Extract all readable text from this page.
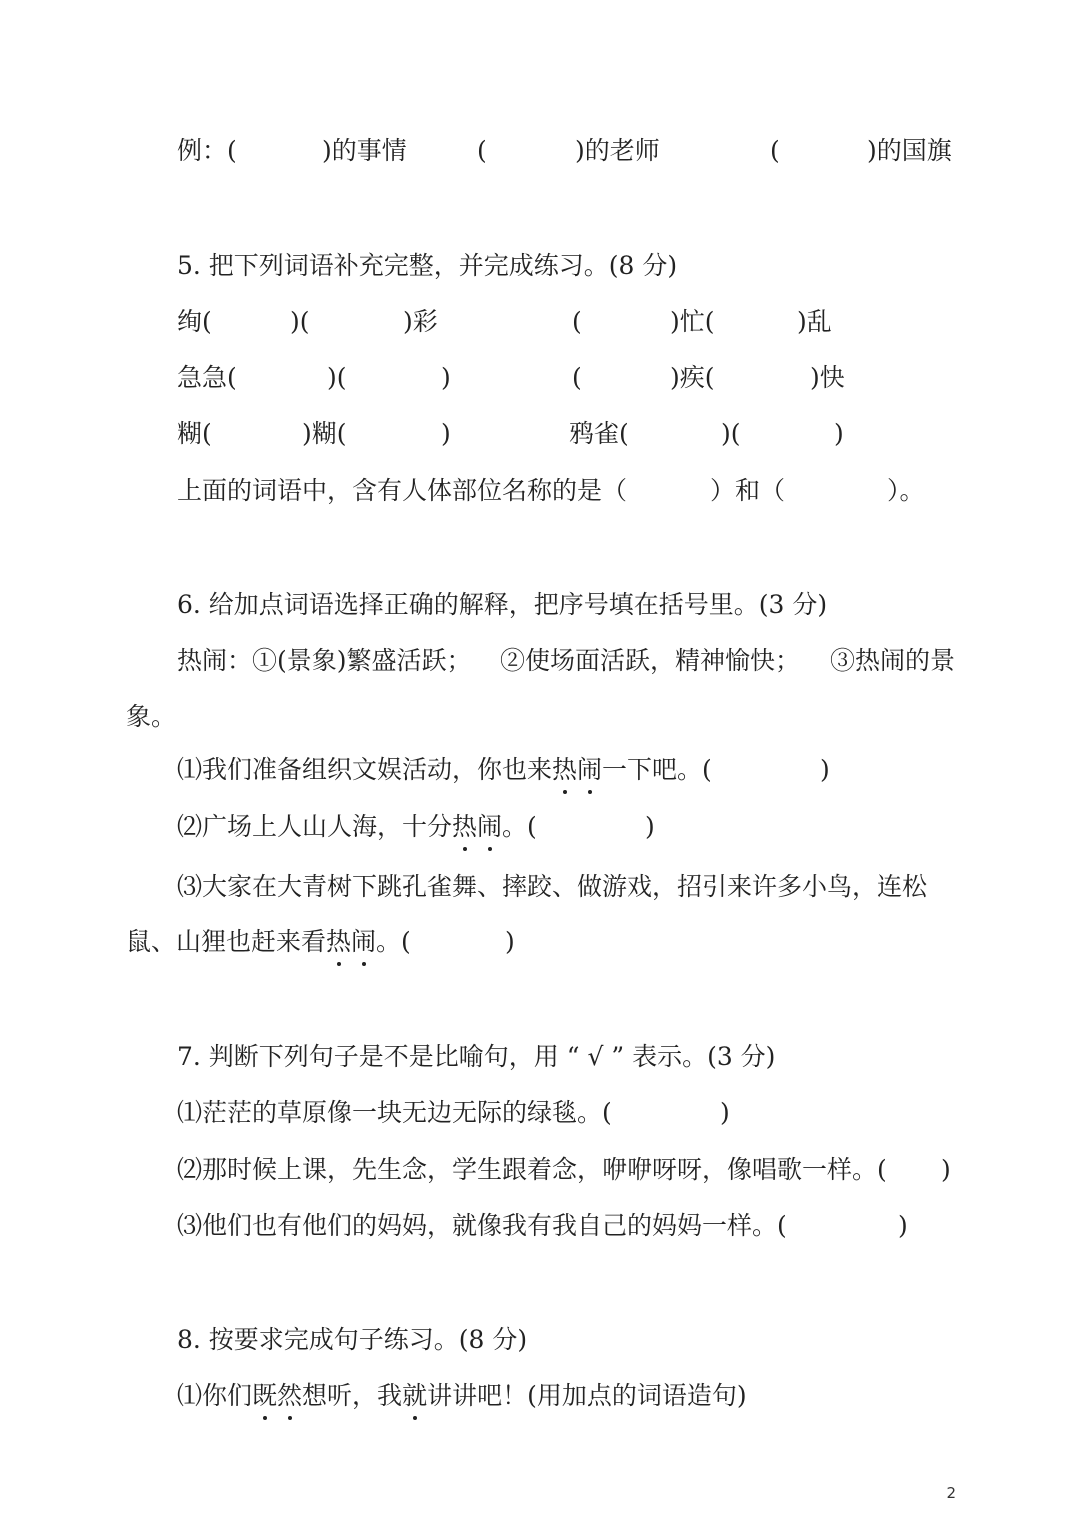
例：(	)的事情	(	)的老师	(	)的国旗
5. 把下列词语补充完整，并完成练习。(8 分)
绚(	)(	)彩	(	)忙(	)乱
急急(	)(	)	(	)疾(	)快
糊(	)糊(	)	鸦雀(	)(	)
上面的词语中，含有人体部位名称的是（	）和（	）。
6. 给加点词语选择正确的解释，把序号填在括号里。(3 分)
热闹：①(景象)繁盛活跃； ②使场面活跃，精神愉快； ③热闹的景
象。
⑴我们准备组织文娱活动，你也来热闹一下吧。(	)
⑵广场上人山人海，十分热闹。(	)
⑶大家在大青树下跳孔雀舞、摔跤、做游戏，招引来许多小鸟，连松
鼠、山狸也赶来看热闹。(	)
7. 判断下列句子是不是比喻句，用 “ √ ” 表示。(3 分)
⑴茫茫的草原像一块无边无际的绿毯。(	)
⑵那时候上课，先生念，学生跟着念，咿咿呀呀，像唱歌一样。( )
⑶他们也有他们的妈妈，就像我有我自己的妈妈一样。(	)
8. 按要求完成句子练习。(8 分)
⑴你们既然想听，我就讲讲吧！(用加点的词语造句)
2
